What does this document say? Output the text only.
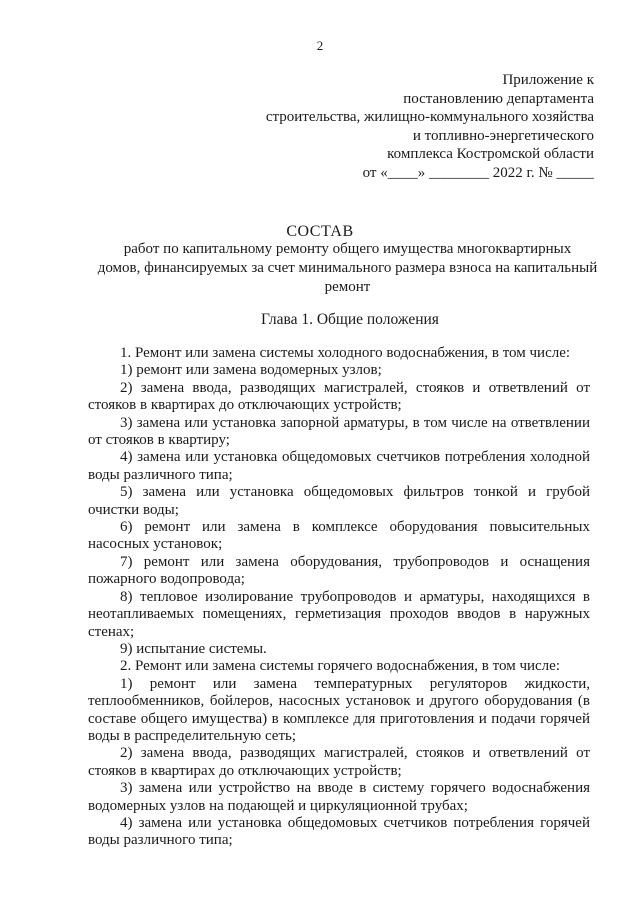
2
Приложение к
постановлению департамента
строительства, жилищно-коммунального хозяйства
и топливно-энергетического
комплекса Костромской области
от «____» ________ 2022 г. № _____
СОСТАВ
работ по капитальному ремонту общего имущества многоквартирных
домов, финансируемых за счет минимального размера взноса на капитальный
ремонт
Глава 1. Общие положения

1. Ремонт или замена системы холодного водоснабжения, в том числе:

1) ремонт или замена водомерных узлов;

2) замена ввода, разводящих магистралей, стояков и ответвлений от стояков в квартирах до отключающих устройств;

3) замена или установка запорной арматуры, в том числе на ответвлении от стояков в квартиру;

4) замена или установка общедомовых счетчиков потребления холодной воды различного типа;

5) замена или установка общедомовых фильтров тонкой и грубой очистки воды;

6) ремонт или замена в комплексе оборудования повысительных насосных установок;

7) ремонт или замена оборудования, трубопроводов и оснащения пожарного водопровода;

8) тепловое изолирование трубопроводов и арматуры, находящихся в неотапливаемых помещениях, герметизация проходов вводов в наружных стенах;

9) испытание системы.

2. Ремонт или замена системы горячего водоснабжения, в том числе:

1) ремонт или замена температурных регуляторов жидкости, теплообменников, бойлеров, насосных установок и другого оборудования (в составе общего имущества) в комплексе для приготовления и подачи горячей воды в распределительную сеть;

2) замена ввода, разводящих магистралей, стояков и ответвлений от стояков в квартирах до отключающих устройств;

3) замена или устройство на вводе в систему горячего водоснабжения водомерных узлов на подающей и циркуляционной трубах;

4) замена или установка общедомовых счетчиков потребления горячей воды различного типа;
